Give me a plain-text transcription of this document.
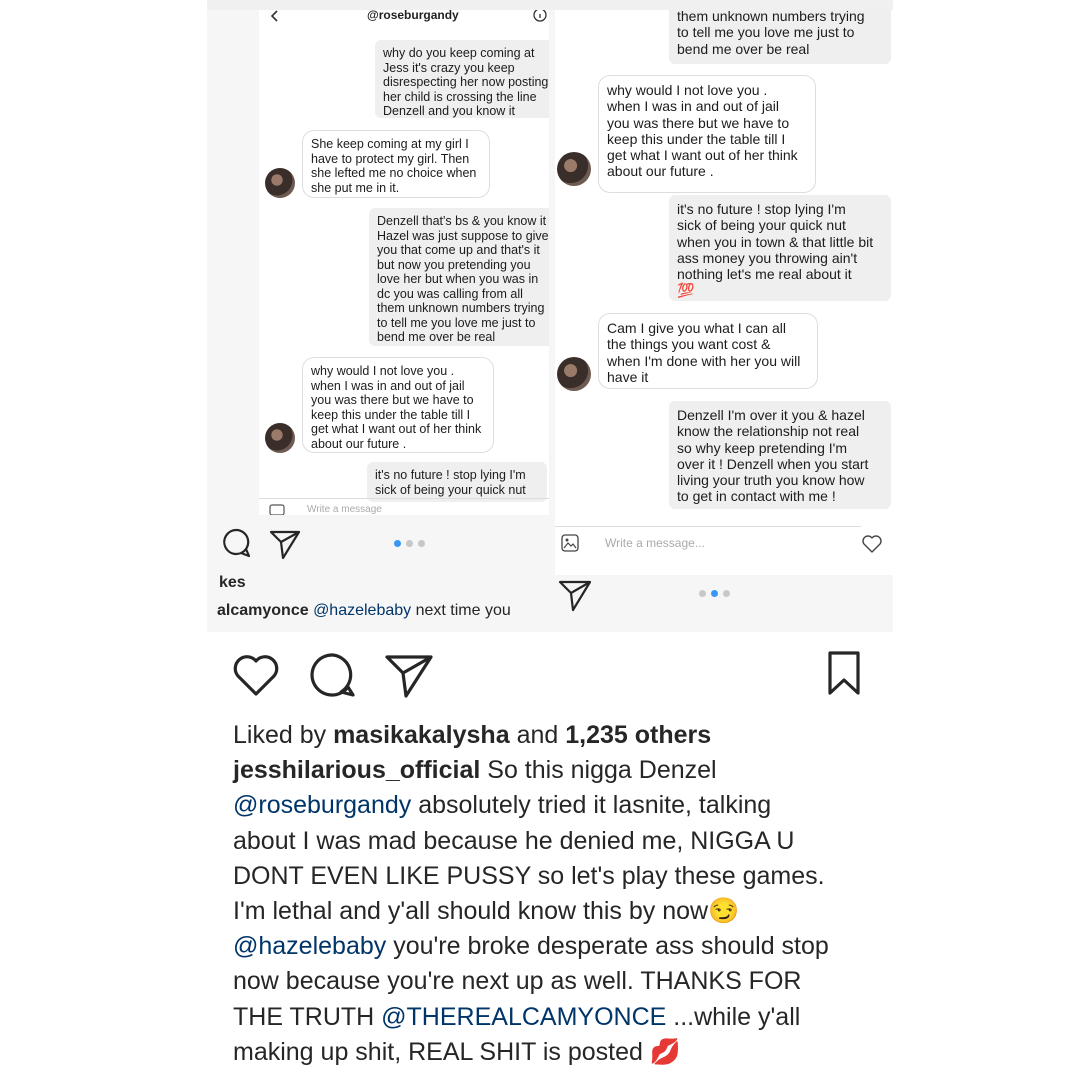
@roseburgandy
why do you keep coming at
Jess it's crazy you keep
disrespecting her now posting
her child is crossing the line
Denzell and you know it
She keep coming at my girl I
have to protect my girl. Then
she lefted me no choice when
she put me in it.
Denzell that's bs & you know it
Hazel was just suppose to give
you that come up and that's it
but now you pretending you
love her but when you was in
dc you was calling from all
them unknown numbers trying
to tell me you love me just to
bend me over be real
why would I not love you .
when I was in and out of jail
you was there but we have to
keep this under the table till I
get what I want out of her think
about our future .
it's no future ! stop lying I'm
sick of being your quick nut
Write a message
kes
alcamyonce @hazelebaby next time you
them unknown numbers trying
to tell me you love me just to
bend me over be real
why would I not love you .
when I was in and out of jail
you was there but we have to
keep this under the table till I
get what I want out of her think
about our future .
it's no future ! stop lying I'm
sick of being your quick nut
when you in town & that little bit
ass money you throwing ain't
nothing let's me real about it
💯
Cam I give you what I can all
the things you want cost &
when I'm done with her you will
have it
Denzell I'm over it you & hazel
know the relationship not real
so why keep pretending I'm
over it ! Denzell when you start
living your truth you know how
to get in contact with me !
Write a message...
Liked by masikakalysha and 1,235 others
jesshilarious_official So this nigga Denzel
@roseburgandy absolutely tried it lasnite, talking
about I was mad because he denied me, NIGGA U
DONT EVEN LIKE PUSSY so let's play these games.
I'm lethal and y'all should know this by now😏
@hazelebaby you're broke desperate ass should stop
now because you're next up as well. THANKS FOR
THE TRUTH @THEREALCAMYONCE ...while y'all
making up shit, REAL SHIT is posted 💋
